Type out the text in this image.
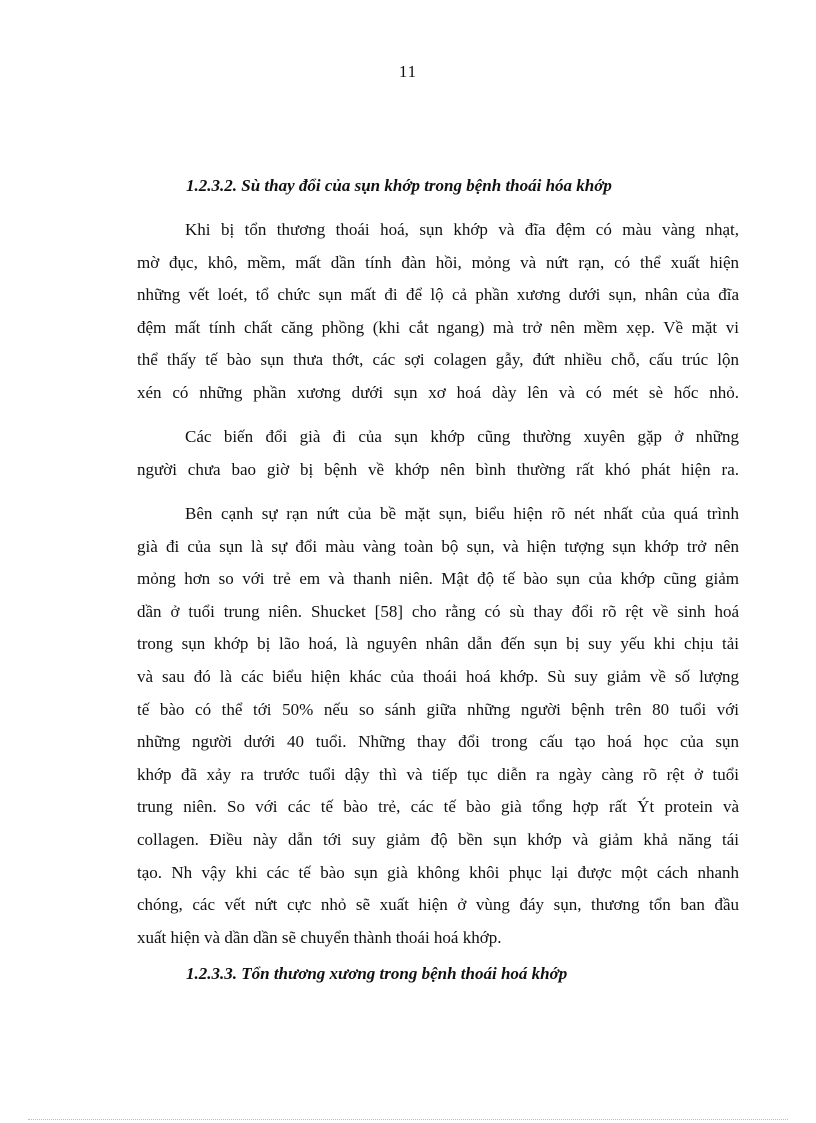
11
1.2.3.2. Sù thay đổi của sụn khớp trong bệnh thoái hóa khớp
Khi bị tổn thương thoái hoá, sụn khớp và đĩa đệm có màu vàng nhạt,
mờ đục, khô, mềm, mất dần tính đàn hồi, mỏng và nứt rạn, có thể xuất hiện
những vết loét, tổ chức sụn mất đi để lộ cả phần xương dưới sụn, nhân của đĩa
đệm mất tính chất căng phồng (khi cắt ngang) mà trở nên mềm xẹp. Về mặt vi
thể thấy tế bào sụn thưa thớt, các sợi colagen gẫy, đứt nhiều chỗ, cấu trúc lộn
xén có những phần xương dưới sụn xơ hoá dày lên và có mét sè hốc nhỏ.
Các biến đổi già đi của sụn khớp cũng thường xuyên gặp ở những
người chưa bao giờ bị bệnh về khớp nên bình thường rất khó phát hiện ra.
Bên cạnh sự rạn nứt của bề mặt sụn, biểu hiện rõ nét nhất của quá trình
già đi của sụn là sự đổi màu vàng toàn bộ sụn, và hiện tượng sụn khớp trở nên
mỏng hơn so với trẻ em và thanh niên. Mật độ tế bào sụn của khớp cũng giảm
dần ở tuổi trung niên. Shucket [58] cho rằng có sù thay đổi rõ rệt về sinh hoá
trong sụn khớp bị lão hoá, là nguyên nhân dẫn đến sụn bị suy yếu khi chịu tải
và sau đó là các biểu hiện khác của thoái hoá khớp. Sù suy giảm về số lượng
tế bào có thể tới 50% nếu so sánh giữa những người bệnh trên 80 tuổi với
những người dưới 40 tuổi. Những thay đổi trong cấu tạo hoá học của sụn
khớp đã xảy ra trước tuổi dậy thì và tiếp tục diễn ra ngày càng rõ rệt ở tuổi
trung niên. So với các tế bào trẻ, các tế bào già tổng hợp rất Ýt protein và
collagen. Điều này dẫn tới suy giảm độ bền sụn khớp và giảm khả năng tái
tạo. Nh vậy khi các tế bào sụn già không khôi phục lại được một cách nhanh
chóng, các vết nứt cực nhỏ sẽ xuất hiện ở vùng đáy sụn, thương tổn ban đầu
xuất hiện và dần dần sẽ chuyển thành thoái hoá khớp.
1.2.3.3. Tổn thương xương trong bệnh thoái hoá khớp
